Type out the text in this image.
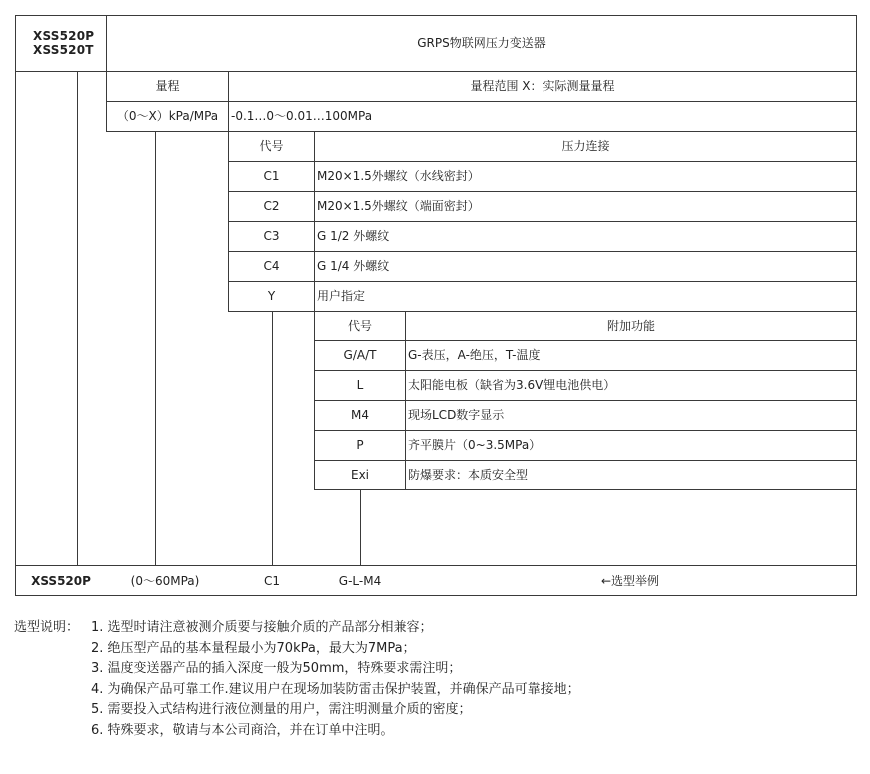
XSS520P
XSS520T	GRPS物联网压力变送器
量程	量程范围 X：实际测量量程
（0～X）kPa/MPa	-0.1…0～0.01…100MPa
代号	压力连接
C1	M20×1.5外螺纹（水线密封）
C2	M20×1.5外螺纹（端面密封）
C3	G 1/2 外螺纹
C4	G 1/4 外螺纹
Y	用户指定
代号	附加功能
G/A/T	G-表压，A-绝压，T-温度
L	太阳能电板（缺省为3.6V锂电池供电）
M4	现场LCD数字显示
P	齐平膜片（0~3.5MPa）
Exi	防爆要求：本质安全型
XSS520P	(0～60MPa)	C1	G-L-M4	←选型举例
选型说明： 1. 选型时请注意被测介质要与接触介质的产品部分相兼容；
2. 绝压型产品的基本量程最小为70kPa，最大为7MPa；
3. 温度变送器产品的插入深度一般为50mm，特殊要求需注明；
4. 为确保产品可靠工作.建议用户在现场加装防雷击保护装置，并确保产品可靠接地；
5. 需要投入式结构进行液位测量的用户，需注明测量介质的密度；
6. 特殊要求，敬请与本公司商洽，并在订单中注明。
